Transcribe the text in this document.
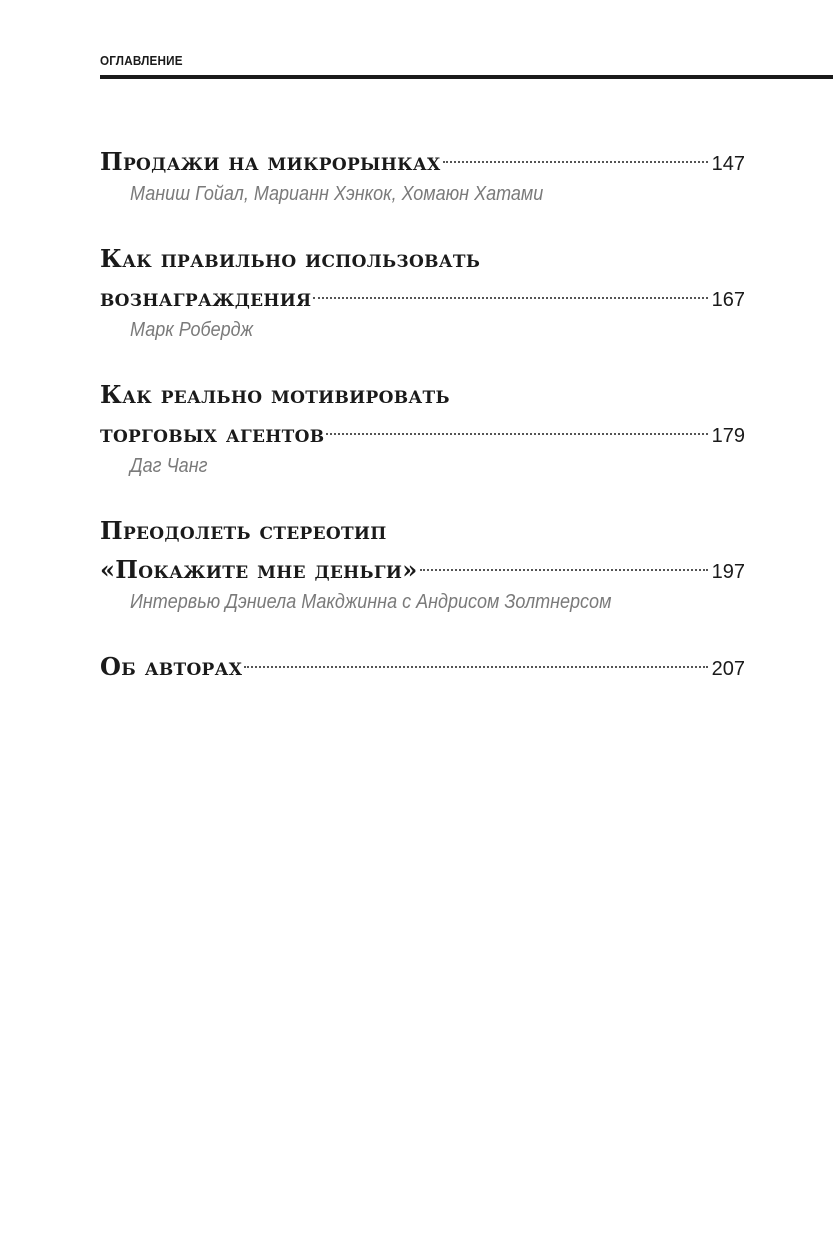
ОГЛАВЛЕНИЕ
Продажи на микрорынках	147
Маниш Гойал, Марианн Хэнкок, Хомаюн Хатами
Как правильно использовать
вознаграждения	167
Марк Робердж
Как реально мотивировать
торговых агентов	179
Даг Чанг
Преодолеть стереотип
«Покажите мне деньги»	197
Интервью Дэниела Макджинна с Андрисом Золтнерсом
Об авторах	207
